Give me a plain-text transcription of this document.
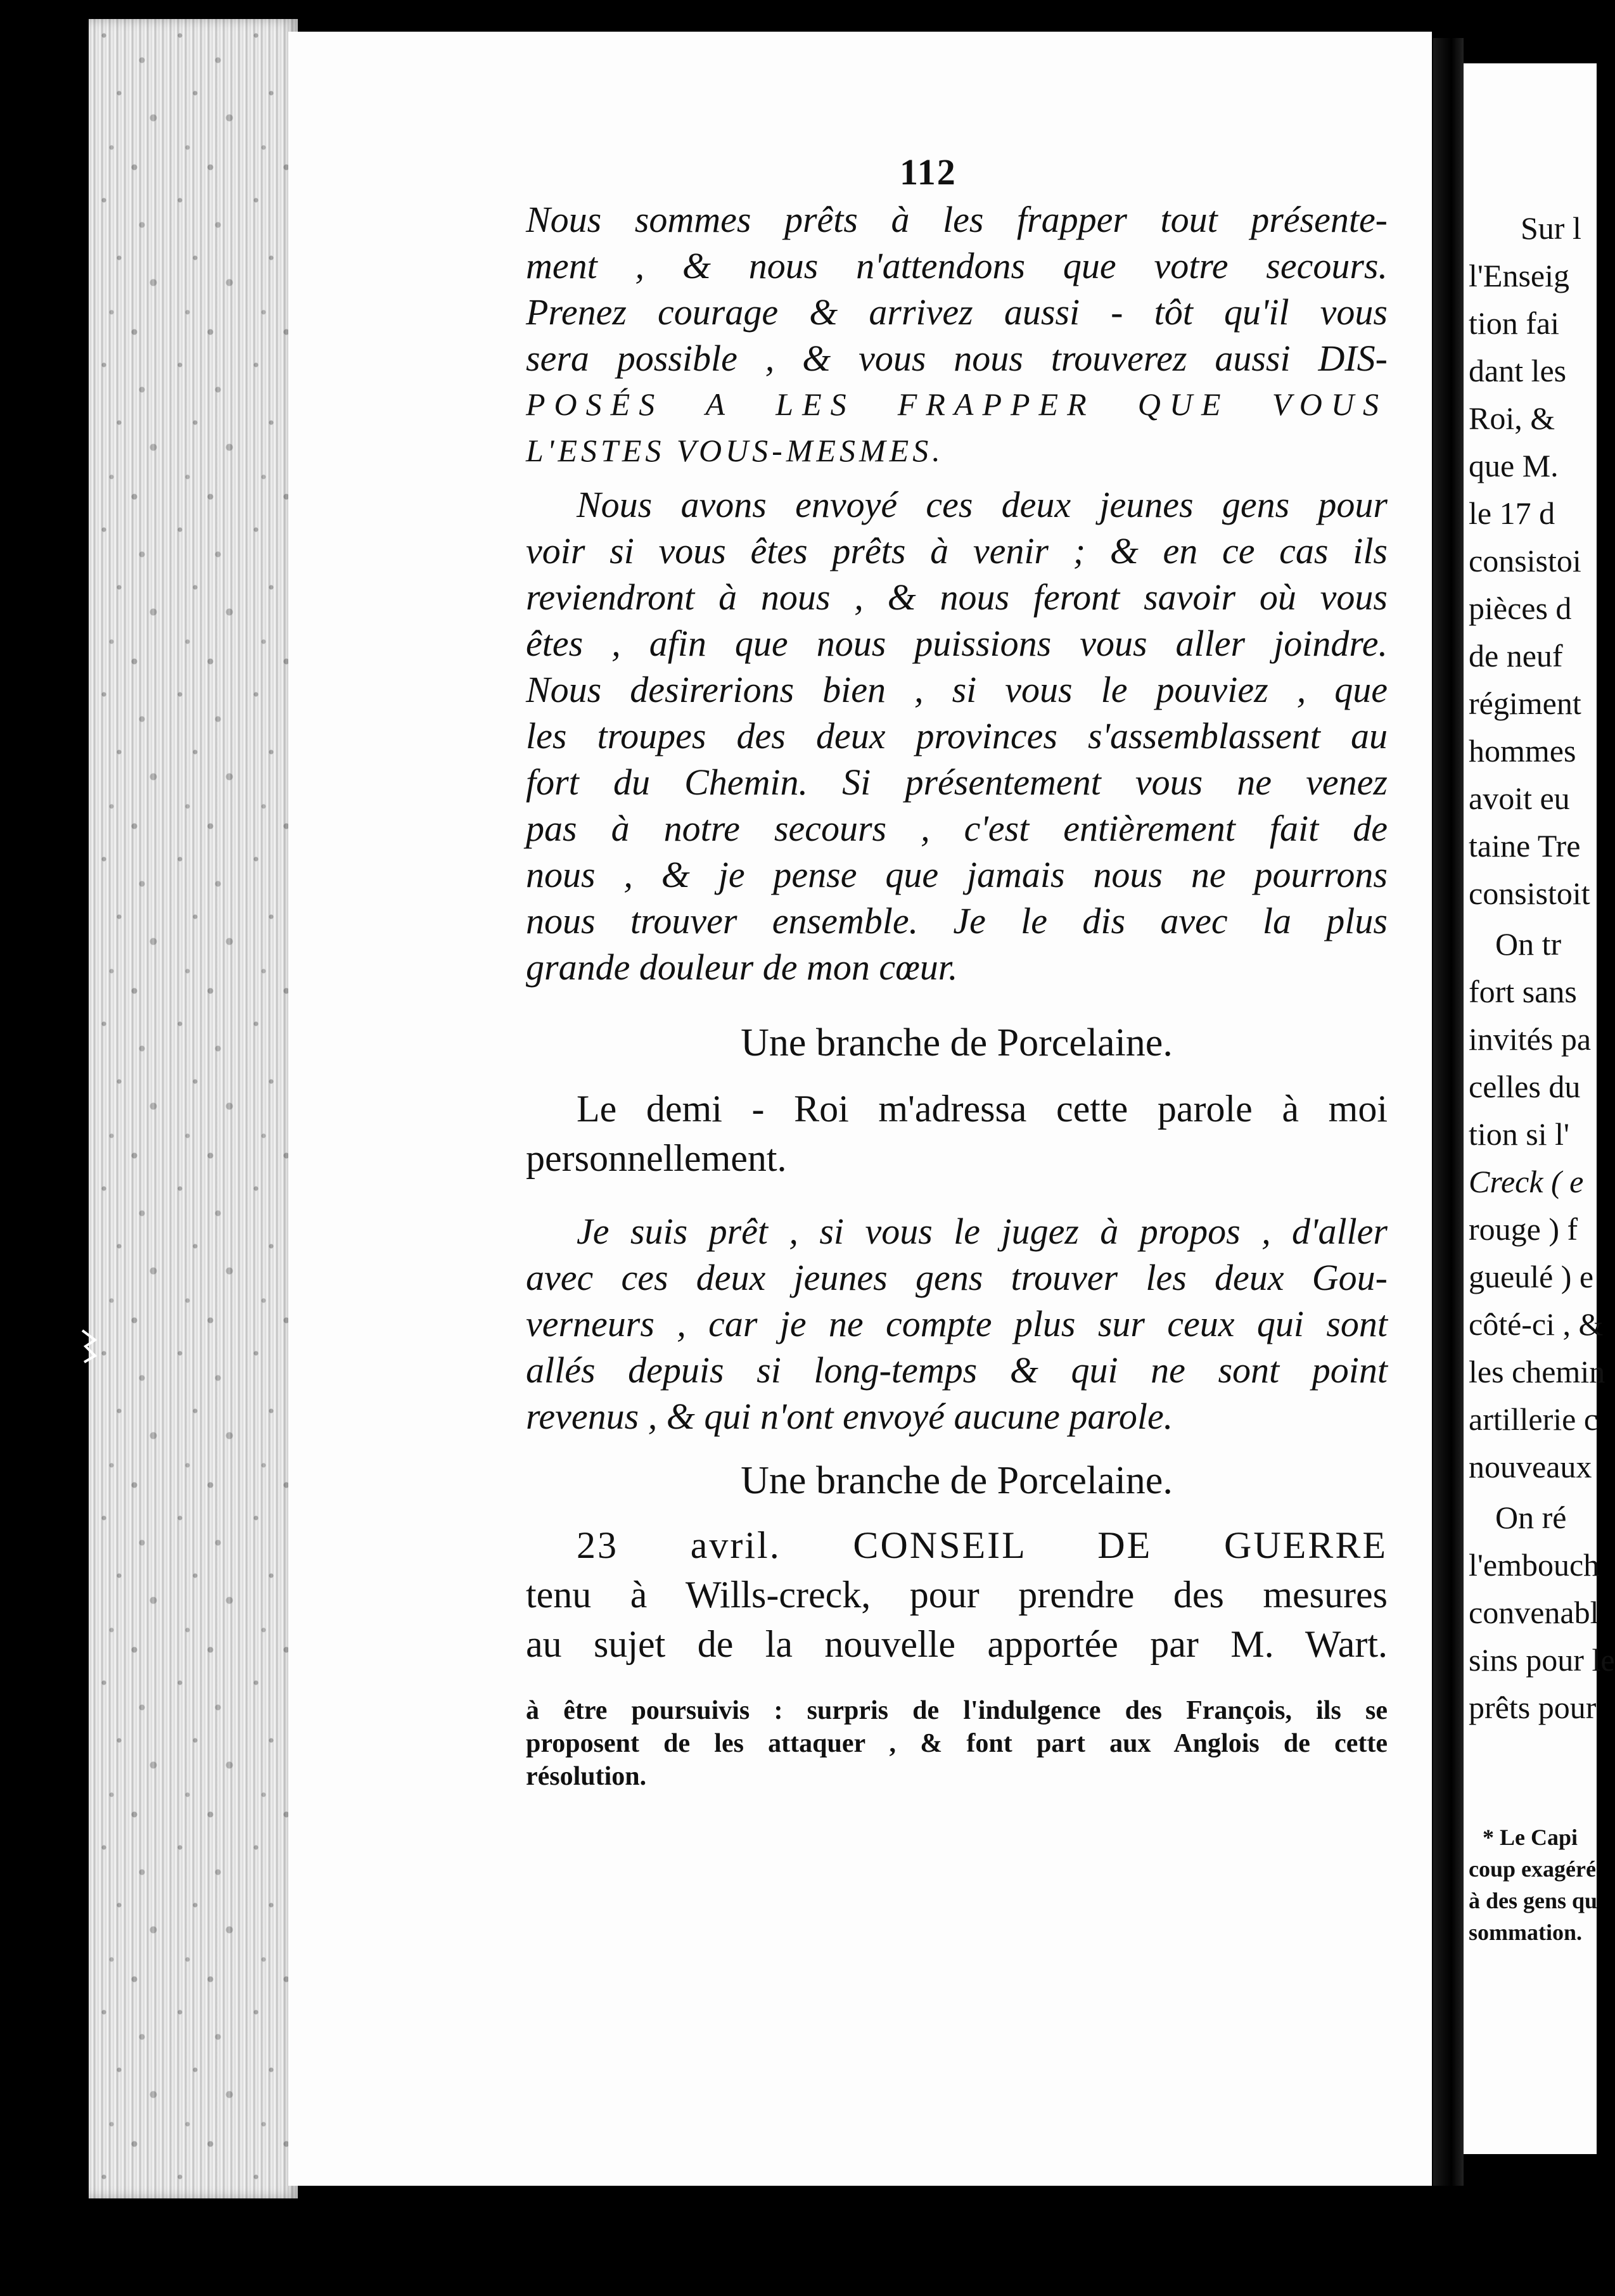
112
Nous sommes prêts à les frapper tout présente-
ment , & nous n'attendons que votre secours.
Prenez courage & arrivez aussi - tôt qu'il vous
sera possible , & vous nous trouverez aussi DIS-
POSÉS A LES FRAPPER QUE VOUS
L'ESTES VOUS-MESMES.
Nous avons envoyé ces deux jeunes gens pour
voir si vous êtes prêts à venir ; & en ce cas ils
reviendront à nous , & nous feront savoir où vous
êtes , afin que nous puissions vous aller joindre.
Nous desirerions bien , si vous le pouviez , que
les troupes des deux provinces s'assemblassent au
fort du Chemin. Si présentement vous ne venez
pas à notre secours , c'est entièrement fait de
nous , & je pense que jamais nous ne pourrons
nous trouver ensemble. Je le dis avec la plus
grande douleur de mon cœur.
Une branche de Porcelaine.
Le demi - Roi m'adressa cette parole à moi
personnellement.
Je suis prêt , si vous le jugez à propos , d'aller
avec ces deux jeunes gens trouver les deux Gou-
verneurs , car je ne compte plus sur ceux qui sont
allés depuis si long-temps & qui ne sont point
revenus , & qui n'ont envoyé aucune parole.
Une branche de Porcelaine.
23 avril. CONSEIL DE GUERRE
tenu à Wills-creck, pour prendre des mesures
au sujet de la nouvelle apportée par M. Wart.
à être poursuivis : surpris de l'indulgence des François, ils se
proposent de les attaquer , & font part aux Anglois de cette
résolution.
Sur l
l'Enseig
tion fai
dant les
Roi, &
que M.
le 17 d
consistoi
pièces d
de neuf
régiment
hommes
avoit eu
taine Tre
consistoit
On tr
fort sans
invités pa
celles du
tion si l'
Creck ( e
rouge ) f
gueulé ) e
côté-ci , &
les chemin
artillerie c
nouveaux
On ré
l'embouch
convenabl
sins pour le
prêts pour
* Le Capi
coup exagéré
à des gens qu
sommation.
